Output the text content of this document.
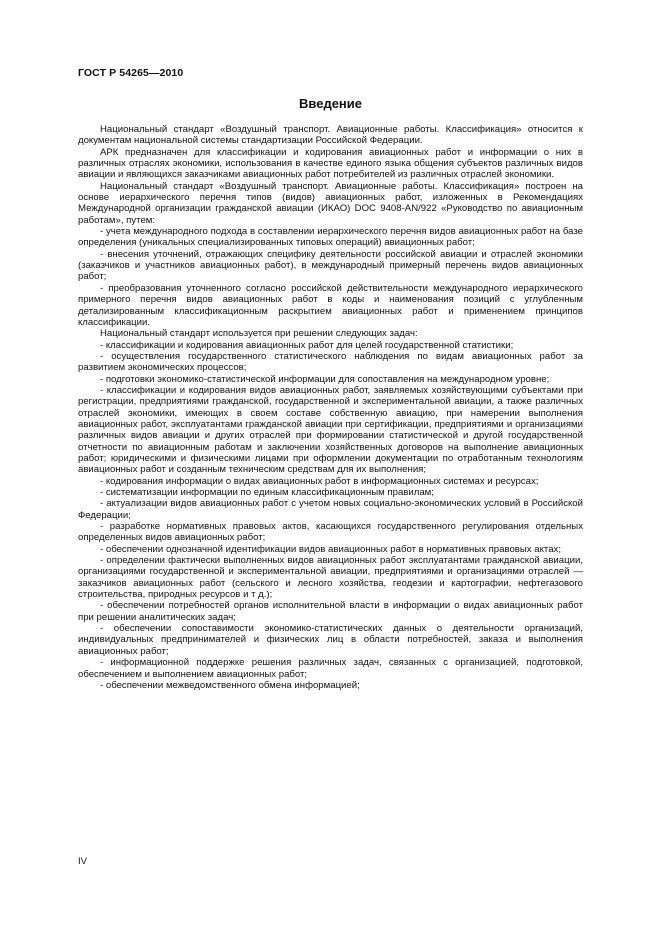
ГОСТ Р 54265—2010
Введение

Национальный стандарт «Воздушный транспорт. Авиационные работы. Классификация» относится к документам национальной системы стандартизации Российской Федерации.

АРК предназначен для классификации и кодирования авиационных работ и информации о них в различных отраслях экономики, использования в качестве единого языка общения субъектов различных видов авиации и являющихся заказчиками авиационных работ потребителей из различных отраслей экономики.

Национальный стандарт «Воздушный транспорт. Авиационные работы. Классификация» построен на основе иерархического перечня типов (видов) авиационных работ, изложенных в Рекомендациях Международной организации гражданской авиации (ИКАО) DOC 9408-AN/922 «Руководство по авиационным работам», путем:

- учета международного подхода в составлении иерархического перечня видов авиационных работ на базе определения (уникальных специализированных типовых операций) авиационных работ;

- внесения уточнений, отражающих специфику деятельности российской авиации и отраслей экономики (заказчиков и участников авиационных работ), в международный примерный перечень видов авиационных работ;

- преобразования уточненного согласно российской действительности международного иерархического примерного перечня видов авиационных работ в коды и наименования позиций с углубленным детализированным классификационным раскрытием авиационных работ и применением принципов классификации.

Национальный стандарт используется при решении следующих задач:

- классификации и кодирования авиационных работ для целей государственной статистики;

- осуществления государственного статистического наблюдения по видам авиационных работ за развитием экономических процессов;

- подготовки экономико-статистической информации для сопоставления на международном уровне;

- классификации и кодирования видов авиационных работ, заявляемых хозяйствующими субъектами при регистрации, предприятиями гражданской, государственной и экспериментальной авиации, а также различных отраслей экономики, имеющих в своем составе собственную авиацию, при намерении выполнения авиационных работ, эксплуатантами гражданской авиации при сертификации, предприятиями и организациями различных видов авиации и других отраслей при формировании статистической и другой государственной отчетности по авиационным работам и заключении хозяйственных договоров на выполнение авиационных работ; юридическими и физическими лицами при оформлении документации по отработанным технологиям авиационных работ и созданным техническим средствам для их выполнения;

- кодирования информации о видах авиационных работ в информационных системах и ресурсах;

- систематизации информации по единым классификационным правилам;

- актуализации видов авиационных работ с учетом новых социально-экономических условий в Российской Федерации;

- разработке нормативных правовых актов, касающихся государственного регулирования отдельных определенных видов авиационных работ;

- обеспечении однозначной идентификации видов авиационных работ в нормативных правовых актах;

- определении фактически выполненных видов авиационных работ эксплуатантами гражданской авиации, организациями государственной и экспериментальной авиации, предприятиями и организациями отраслей — заказчиков авиационных работ (сельского и лесного хозяйства, геодезии и картографии, нефтегазового строительства, природных ресурсов и т д.);

- обеспечении потребностей органов исполнительной власти в информации о видах авиационных работ при решении аналитических задач;

- обеспечении сопоставимости экономико-статистических данных о деятельности организаций, индивидуальных предпринимателей и физических лиц в области потребностей, заказа и выполнения авиационных работ;

- информационной поддержке решения различных задач, связанных с организацией, подготовкой, обеспечением и выполнением авиационных работ;

- обеспечении межведомственного обмена информацией;

IV
